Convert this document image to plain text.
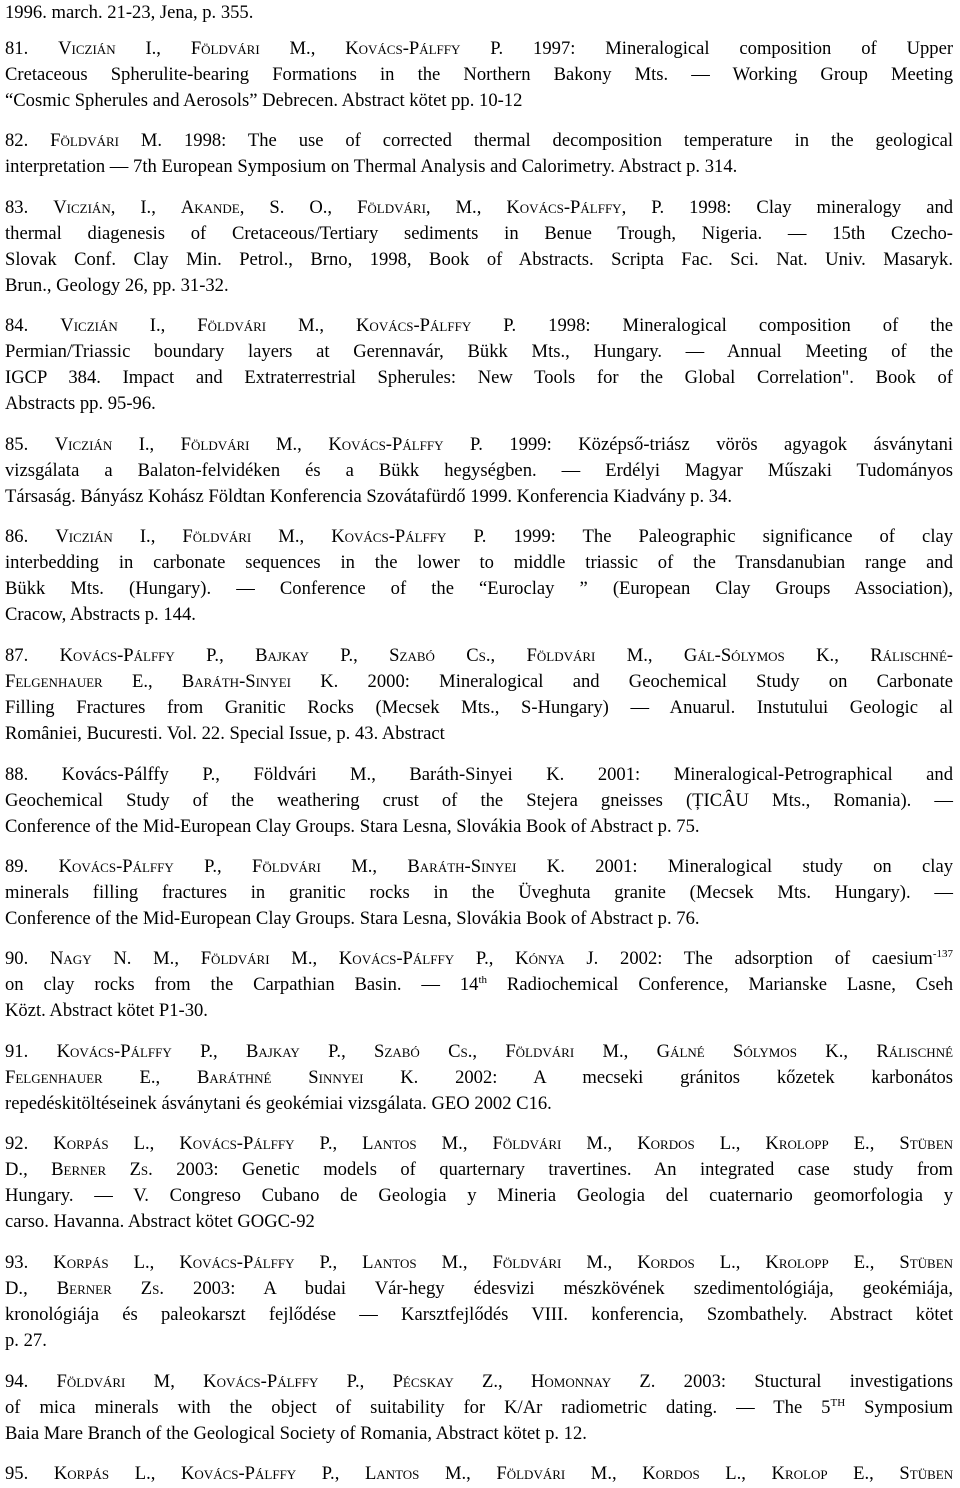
1996. march. 21-23, Jena, p. 355.
81. Viczián I., Földvári M., Kovács-Pálffy P. 1997: Mineralogical composition of Upper
Cretaceous Spherulite-bearing Formations in the Northern Bakony Mts. — Working Group Meeting
“Cosmic Spherules and Aerosols” Debrecen. Abstract kötet pp. 10-12
82. Földvári M. 1998: The use of corrected thermal decomposition temperature in the geological
interpretation — 7th European Symposium on Thermal Analysis and Calorimetry. Abstract p. 314.
83. Viczián, I., Akande, S. O., Földvári, M., Kovács-Pálffy, P. 1998: Clay mineralogy and
thermal diagenesis of Cretaceous/Tertiary sediments in Benue Trough, Nigeria. — 15th Czecho-
Slovak Conf. Clay Min. Petrol., Brno, 1998, Book of Abstracts. Scripta Fac. Sci. Nat. Univ. Masaryk.
Brun., Geology 26, pp. 31-32.
84. Viczián I., Földvári M., Kovács-Pálffy P. 1998: Mineralogical composition of the
Permian/Triassic boundary layers at Gerennavár, Bükk Mts., Hungary. — Annual Meeting of the
IGCP 384. Impact and Extraterrestrial Spherules: New Tools for the Global Correlation". Book of
Abstracts pp. 95-96.
85. Viczián I., Földvári M., Kovács-Pálffy P. 1999: Középső-triász vörös agyagok ásványtani
vizsgálata a Balaton-felvidéken és a Bükk hegységben. — Erdélyi Magyar Műszaki Tudományos
Társaság. Bányász Kohász Földtan Konferencia Szovátafürdő 1999. Konferencia Kiadvány p. 34.
86. Viczián I., Földvári M., Kovács-Pálffy P. 1999: The Paleographic significance of clay
interbedding in carbonate sequences in the lower to middle triassic of the Transdanubian range and
Bükk Mts. (Hungary). — Conference of the “Euroclay ” (European Clay Groups Association),
Cracow, Abstracts p. 144.
87. Kovács-Pálffy P., Bajkay P., Szabó Cs., Földvári M., Gál-Sólymos K., Rálischné-
Felgenhauer E., Baráth-Sinyei K. 2000: Mineralogical and Geochemical Study on Carbonate
Filling Fractures from Granitic Rocks (Mecsek Mts., S-Hungary) — Anuarul. Instutului Geologic al
Romȃniei, Bucureѕti. Vol. 22. Special Issue, p. 43. Abstract
88. Kovács-Pálffy P., Földvári M., Baráth-Sinyei K. 2001: Mineralogical-Petrographical and
Geochemical Study of the weathering crust of the Stejera gneisses (ȚICȂU Mts., Romania). —
Conference of the Mid-European Clay Groups. Stara Lesna, Slovákia Book of Abstract p. 75.
89. Kovács-Pálffy P., Földvári M., Baráth-Sinyei K. 2001: Mineralogical study on clay
minerals filling fractures in granitic rocks in the Üveghuta granite (Mecsek Mts. Hungary). —
Conference of the Mid-European Clay Groups. Stara Lesna, Slovákia Book of Abstract p. 76.
90. Nagy N. M., Földvári M., Kovács-Pálffy P., Kónya J. 2002: The adsorption of caesium$^{-137}$
on clay rocks from the Carpathian Basin. — 14th Radiochemical Conference, Marianske Lasne, Cseh
Közt. Abstract kötet P1-30.
91. Kovács-Pálffy P., Bajkay P., Szabó Cs., Földvári M., Gálné Sólymos K., Rálischné
Felgenhauer E., Baráthné Sinnyei K. 2002: A mecseki gránitos kőzetek karbonátos
repedéskitöltéseinek ásványtani és geokémiai vizsgálata. GEO 2002 C16.
92. Korpás L., Kovács-Pálffy P., Lantos M., Földvári M., Kordos L., Krolopp E., Stüben
D., Berner Zs. 2003: Genetic models of quarternary travertines. An integrated case study from
Hungary. — V. Congreso Cubano de Geologia y Mineria Geologia del cuaternario geomorfologia y
carso. Havanna. Abstract kötet GOGC-92
93. Korpás L., Kovács-Pálffy P., Lantos M., Földvári M., Kordos L., Krolopp E., Stüben
D., Berner Zs. 2003: A budai Vár-hegy édesvizi mészkövének szedimentológiája, geokémiája,
kronológiája és paleokarszt fejlődése — Karsztfejlődés VIII. konferencia, Szombathely. Abstract kötet
p. 27.
94. Földvári M, Kovács-Pálffy P., Pécskay Z., Homonnay Z. 2003: Stuctural investigations
of mica minerals with the object of suitability for K/Ar radiometric dating. — The 5TH Symposium
Baia Mare Branch of the Geological Society of Romania, Abstract kötet p. 12.
95. Korpás L., Kovács-Pálffy P., Lantos M., Földvári M., Kordos L., Krolop E., Stüben
